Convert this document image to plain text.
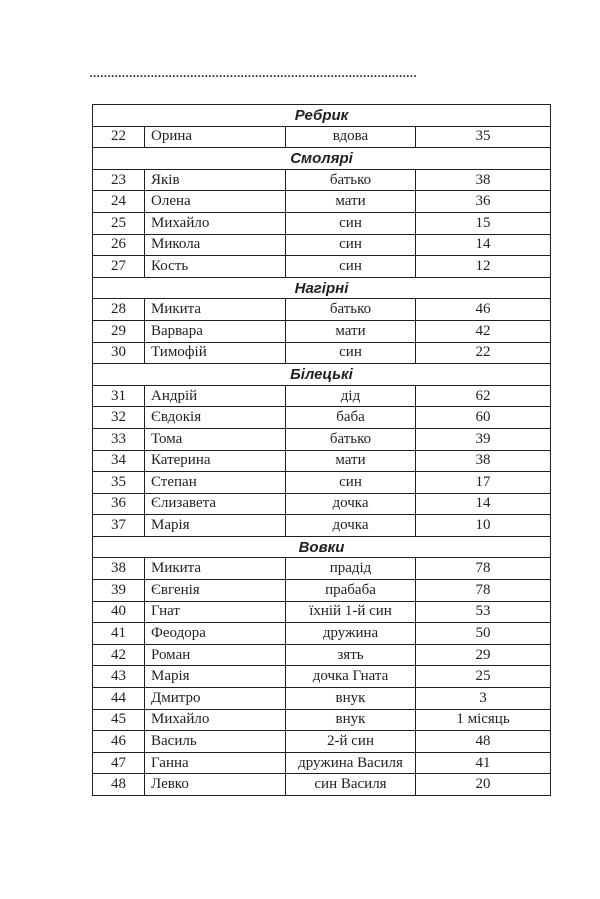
...........................................................................................
Ребрик			
22	Орина	вдова	35
Смолярі			
23	Яків	батько	38
24	Олена	мати	36
25	Михайло	син	15
26	Микола	син	14
27	Кость	син	12
Нагірні			
28	Микита	батько	46
29	Варвара	мати	42
30	Тимофій	син	22
Білецькі			
31	Андрій	дід	62
32	Євдокія	баба	60
33	Тома	батько	39
34	Катерина	мати	38
35	Степан	син	17
36	Єлизавета	дочка	14
37	Марія	дочка	10
Вовки			
38	Микита	прадід	78
39	Євгенія	прабаба	78
40	Гнат	їхній 1-й син	53
41	Феодора	дружина	50
42	Роман	зять	29
43	Марія	дочка Гната	25
44	Дмитро	внук	3
45	Михайло	внук	1 місяць
46	Василь	2-й син	48
47	Ганна	дружина Василя	41
48	Левко	син Василя	20
